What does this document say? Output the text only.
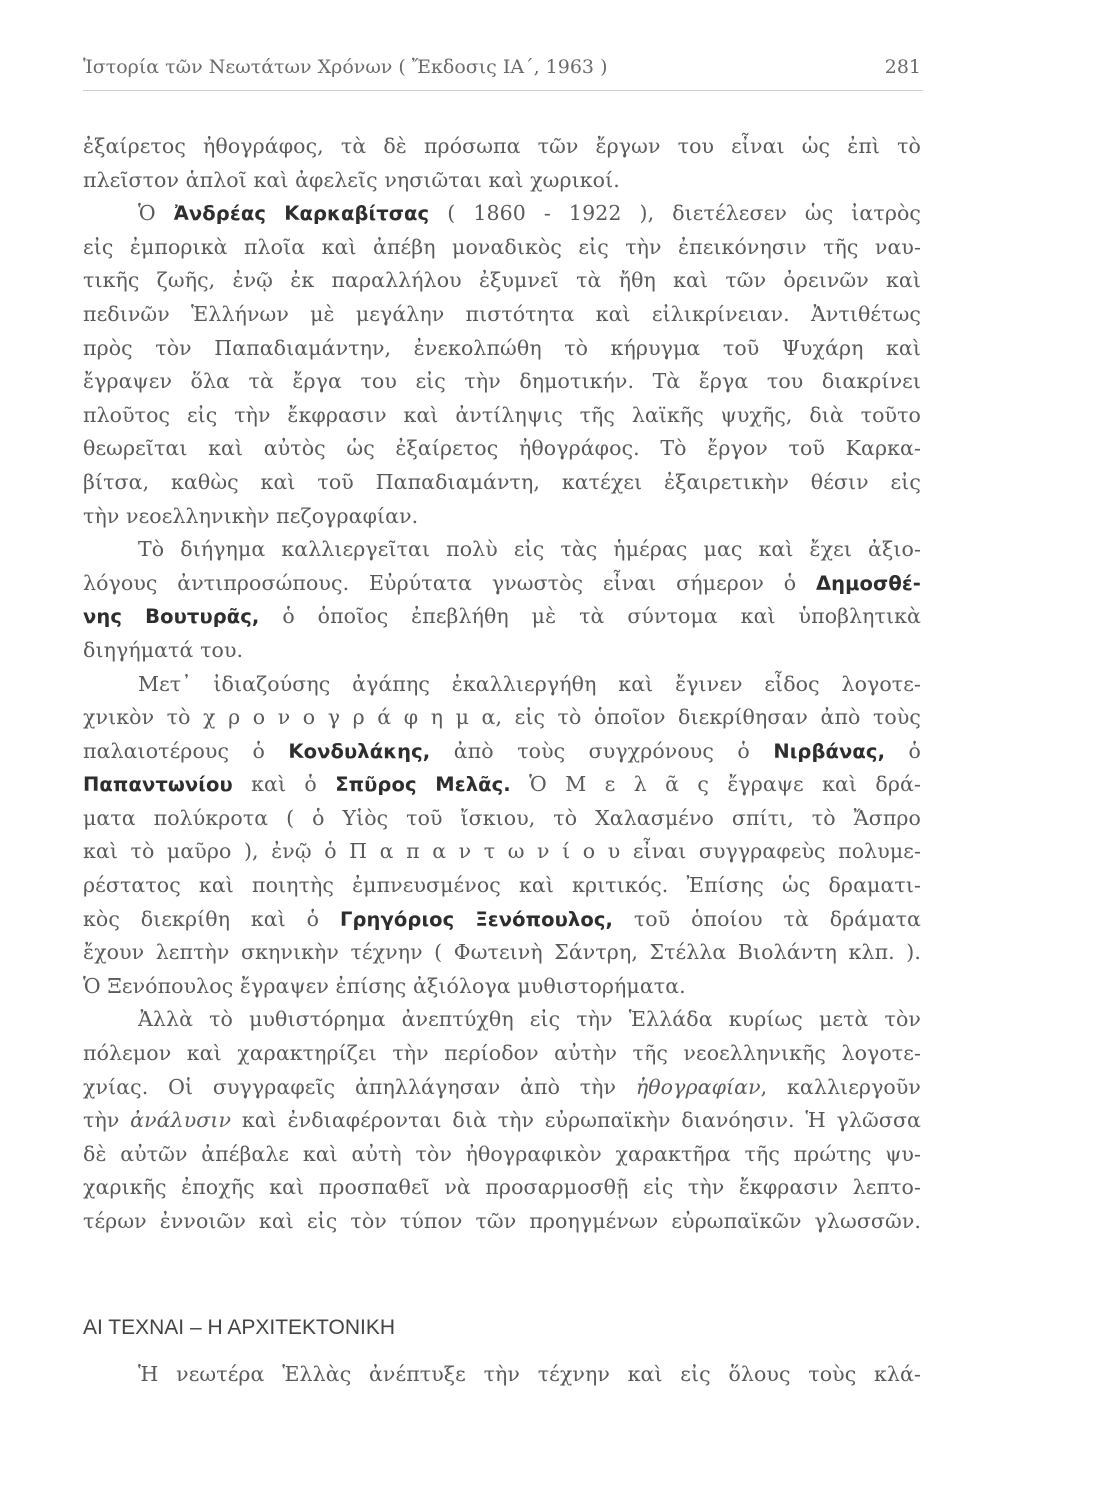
Ἱστορία τῶν Νεωτάτων Χρόνων ( Ἔκδοσις ΙΑ΄, 1963 )	281
ἐξαίρετος ἠθογράφος, τὰ δὲ πρόσωπα τῶν ἔργων του εἶναι ὡς ἐπὶ τὸ
πλεῖστον ἁπλοῖ καὶ ἀφελεῖς νησιῶται καὶ χωρικοί.
Ὁ Ἀνδρέας Καρκαβίτσας ( 1860 - 1922 ), διετέλεσεν ὡς ἰατρὸς
εἰς ἐμπορικὰ πλοῖα καὶ ἀπέβη μοναδικὸς εἰς τὴν ἐπεικόνησιν τῆς ναυ-
τικῆς ζωῆς, ἐνῷ ἐκ παραλλήλου ἐξυμνεῖ τὰ ἤθη καὶ τῶν ὀρεινῶν καὶ
πεδινῶν Ἑλλήνων μὲ μεγάλην πιστότητα καὶ εἰλικρίνειαν. Ἀντιθέτως
πρὸς τὸν Παπαδιαμάντην, ἐνεκολπώθη τὸ κήρυγμα τοῦ Ψυχάρη καὶ
ἔγραψεν ὅλα τὰ ἔργα του εἰς τὴν δημοτικήν. Τὰ ἔργα του διακρίνει
πλοῦτος εἰς τὴν ἔκφρασιν καὶ ἀντίληψις τῆς λαϊκῆς ψυχῆς, διὰ τοῦτο
θεωρεῖται καὶ αὐτὸς ὡς ἐξαίρετος ἠθογράφος. Τὸ ἔργον τοῦ Καρκα-
βίτσα, καθὼς καὶ τοῦ Παπαδιαμάντη, κατέχει ἐξαιρετικὴν θέσιν εἰς
τὴν νεοελληνικὴν πεζογραφίαν.
Τὸ διήγημα καλλιεργεῖται πολὺ εἰς τὰς ἡμέρας μας καὶ ἔχει ἀξιο-
λόγους ἀντιπροσώπους. Εὐρύτατα γνωστὸς εἶναι σήμερον ὁ Δημοσθέ-
νης Βουτυρᾶς, ὁ ὁποῖος ἐπεβλήθη μὲ τὰ σύντομα καὶ ὑποβλητικὰ
διηγήματά του.
Μετ᾽ ἰδιαζούσης ἀγάπης ἐκαλλιεργήθη καὶ ἔγινεν εἶδος λογοτε-
χνικὸν τὸ χ ρ ο ν ο γ ρ ά φ η μ α, εἰς τὸ ὁποῖον διεκρίθησαν ἀπὸ τοὺς
παλαιοτέρους ὁ Κονδυλάκης, ἀπὸ τοὺς συγχρόνους ὁ Νιρβάνας, ὁ
Παπαντωνίου καὶ ὁ Σπῦρος Μελᾶς. Ὁ Μ ε λ ᾶ ς ἔγραψε καὶ δρά-
ματα πολύκροτα ( ὁ Υἱὸς τοῦ ἴσκιου, τὸ Χαλασμένο σπίτι, τὸ Ἄσπρο
καὶ τὸ μαῦρο ), ἐνῷ ὁ Π α π α ν τ ω ν ί ο υ εἶναι συγγραφεὺς πολυμε-
ρέστατος καὶ ποιητὴς ἐμπνευσμένος καὶ κριτικός. Ἐπίσης ὡς δραματι-
κὸς διεκρίθη καὶ ὁ Γρηγόριος Ξενόπουλος, τοῦ ὁποίου τὰ δράματα
ἔχουν λεπτὴν σκηνικὴν τέχνην ( Φωτεινὴ Σάντρη, Στέλλα Βιολάντη κλπ. ).
Ὁ Ξενόπουλος ἔγραψεν ἐπίσης ἀξιόλογα μυθιστορήματα.
Ἀλλὰ τὸ μυθιστόρημα ἀνεπτύχθη εἰς τὴν Ἑλλάδα κυρίως μετὰ τὸν
πόλεμον καὶ χαρακτηρίζει τὴν περίοδον αὐτὴν τῆς νεοελληνικῆς λογοτε-
χνίας. Οἱ συγγραφεῖς ἀπηλλάγησαν ἀπὸ τὴν ἠθογραφίαν, καλλιεργοῦν
τὴν ἀνάλυσιν καὶ ἐνδιαφέρονται διὰ τὴν εὐρωπαϊκὴν διανόησιν. Ἡ γλῶσσα
δὲ αὐτῶν ἀπέβαλε καὶ αὐτὴ τὸν ἠθογραφικὸν χαρακτῆρα τῆς πρώτης ψυ-
χαρικῆς ἐποχῆς καὶ προσπαθεῖ νὰ προσαρμοσθῇ εἰς τὴν ἔκφρασιν λεπτο-
τέρων ἐννοιῶν καὶ εἰς τὸν τύπον τῶν προηγμένων εὐρωπαϊκῶν γλωσσῶν.
ΑΙ ΤΕΧΝΑΙ – Η ΑΡΧΙΤΕΚΤΟΝΙΚΗ
Ἡ νεωτέρα Ἑλλὰς ἀνέπτυξε τὴν τέχνην καὶ εἰς ὅλους τοὺς κλά-
